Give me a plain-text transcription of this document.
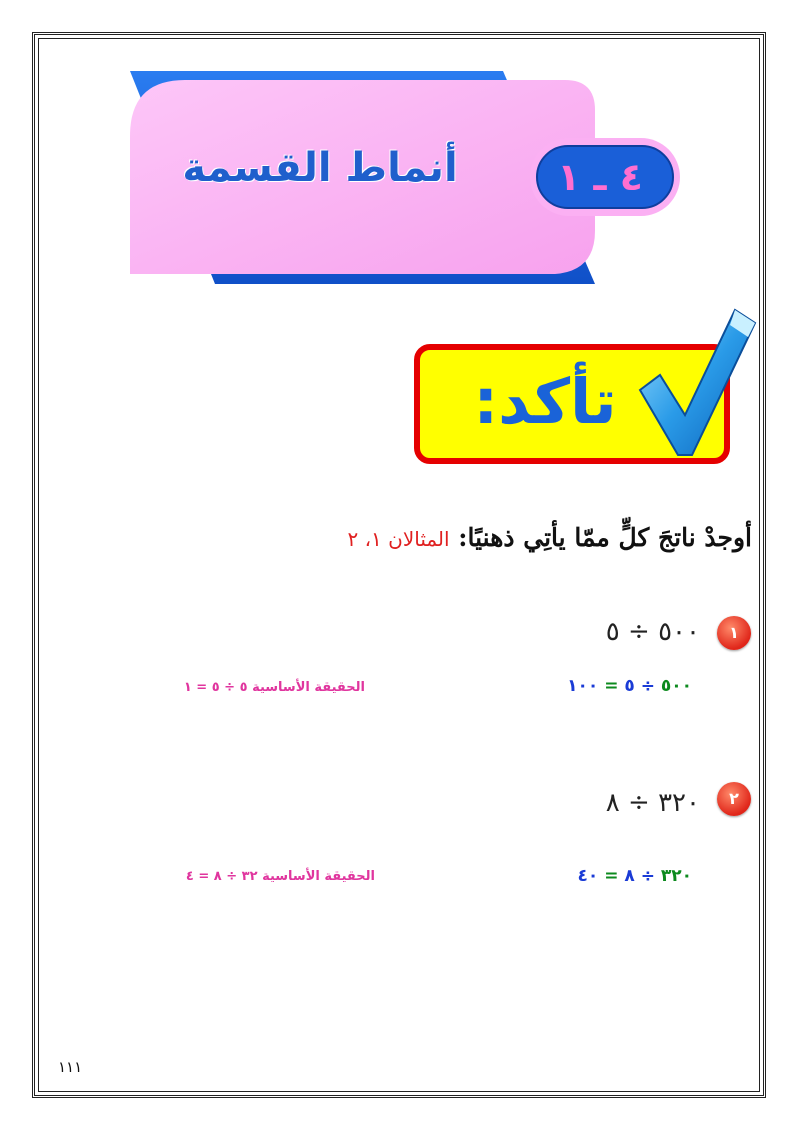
أنماط القسمة	٤ ـ ١
تأكد:
أوجدْ ناتجَ كلٍّ ممّا يأتِي ذهنيًا: المثالان ١، ٢
١
٥٠٠ ÷ ٥
٥٠٠ ÷ ٥ = ١٠٠
الحقيقة الأساسية ٥ ÷ ٥ = ١
٢
٣٢٠ ÷ ٨
٣٢٠ ÷ ٨ = ٤٠
الحقيقة الأساسية ٣٢ ÷ ٨ = ٤
١١١
